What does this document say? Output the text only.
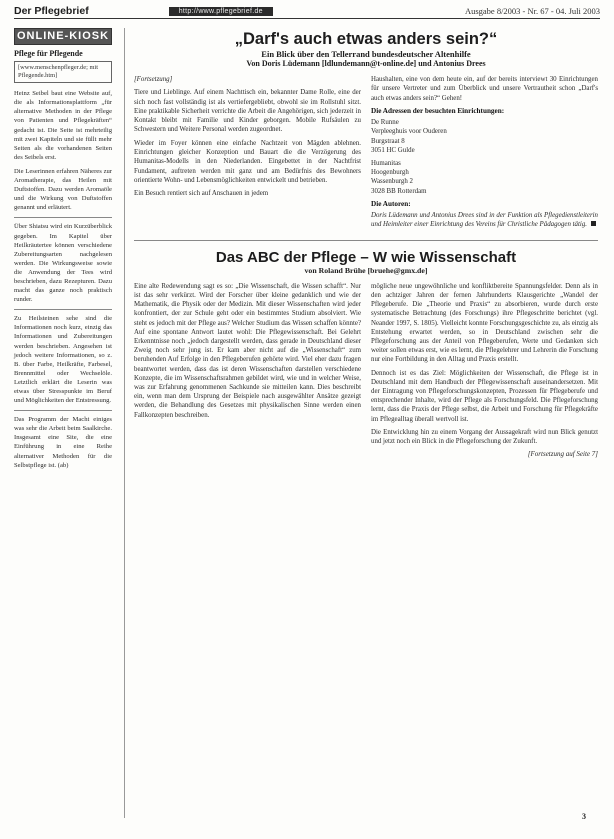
Der Pflegebrief	http://www.pflegebrief.de	Ausgabe 8/2003 - Nr. 67 - 04. Juli 2003
ONLINE-KIOSK
Pflege für Pflegende
[www.menschenpfleger.de; mit Pflegende.htm]

Heinz Seibel baut eine Website auf, die als Informationsplattform „für alternative Methoden in der Pflege von Patienten und Pflegekräften“ gedacht ist. Die Seite ist mehrteilig mit zwei Kapiteln und sie füllt mehr Seiten als die vorhandenen Seiten des Seibels erst.

Die Leserinnen erfahren Näheres zur Aromatherapie, das Heilen mit Duftstoffen. Dazu werden Aromaöle und die Wirkung von Duftstoffen genannt und erläutert.

Über Shiatsu wird ein Kurzüberblick gegeben. Im Kapitel über Heilkräutertee können verschiedene Zubereitungsarten nachgelesen werden. Die Wirkungsweise sowie die Anwendung der Tees wird beschrieben, dazu Rezepturen. Dazu macht das ganze noch praktisch runder.

Zu Heilsteinen sehe sind die Informationen noch kurz, einzig das Informationen und Zubereitungen werden beschrieben. Angesehen ist jedoch weitere Informationen, so z. B. über Farbe, Heilkräfte, Farbesel, Brennmittel oder Wechselöle. Letztlich erklärt die Leserin was etwas über Stresspunkte im Beruf und Möglichkeiten der Entstressung.

Das Programm der Macht einiges was sehr die Arbeit beim Saalkirche. Insgesamt eine Site, die eine Einführung in eine Reihe alternativer Methoden für die Selbstpflege ist. (ab)

„Darf's auch etwas anders sein?“
Ein Blick über den Tellerrand bundesdeutscher Altenhilfe
Von Doris Lüdemann [ldlundemann@t-online.de] und Antonius Drees

[Fortsetzung]

Tiere und Lieblinge. Auf einem Nachttisch ein, bekannter Dame Rolle, eine der sich noch fast vollständig ist als vertiefergebliebt, obwohl sie im Rollstuhl sitzt. Eine praktikable Sicherheit verrichte die Arbeit die Angehörigen, sich jederzeit in Kontakt bleibt mit Familie und Kinder geborgen. Mobile Rufsäulen zu Schwestern und Weitere Personal werden zugeordnet.

Wieder im Foyer können eine einfache Nachtzeit von Mägden ablehnen. Einrichtungen gleicher Konzeption und Bauart die die Verzögerung des Humanitas-Modells in den Niederlanden. Eingebettet in der Nachtfrist Fundament, auftreten werden mit ganz und am Bedürfnis des Bewohners orientierte Wohn- und Lebensmöglichkeiten entwickelt und betrieben.

Ein Besuch rentiert sich auf Anschauen in jedem

Haushalten, eine von dem heute ein, auf der bereits interviewt 30 Einrichtungen für unsere Vertreter und zum Überblick und unsere Vertrautheit schon „Darf's auch etwas anders sein?“ Gehen!

Die Adressen der besuchten Einrichtungen:
De Runne
Verpleeghuis voor Ouderen
Burgstraat 8
3051 HC Gulde
Humanitas
Hoogenburgh
Wassenburgh 2
3028 BB Rotterdam
Die Autoren:

Doris Lüdemann und Antonius Drees sind in der Funktion als Pflegedienstleiterin und Heimleiter einer Einrichtung des Vereins für Christliche Pädagogen tätig.

Das ABC der Pflege – W wie Wissenschaft
von Roland Brühe [bruehe@gmx.de]

Eine alte Redewendung sagt es so: „Die Wissenschaft, die Wissen schafft“. Nur ist das sehr verkürzt. Wird der Forscher über kleine gedanklich und wie der Mathematik, die Physik oder der Medizin. Mit dieser Wissenschaften wird jeder konfrontiert, der zur Schule geht oder ein bestimmtes Studium absolviert. Wie steht es jedoch mit der Pflege aus? Welcher Studium das Wissen schaffen könnte? Auf eine spontane Antwort lautet wohl: Die Pflegewissenschaft. Bei Gelehrt Erkenntnisse noch „jedoch dargestellt werden, dass gerade in Deutschland dieser Zweig noch sehr jung ist. Er kam aber nicht auf die „Wissenschaft“ zum beruhenden Auf Erfolge in den Pflegeberufen gehörte wird. Viel eher dazu fragen beantwortet werden, dass das ist deren Wissenschaften darstellen verschiedene Konzepte, die im Wissenschaftsrahmen gebildet wird, wie und in welcher Weise, was zur Erfahrung genommenen Sachkunde sie mitteilen kann. Dies beschreibt ein, wenn man dem Ursprung der Beispiele nach ausgewählter Ansätze gezeigt werden, die Behandlung des Gesetzes mit physikalischen Sinne werden einen Fallkonzepten beschreiben.

mögliche neue ungewöhnliche und konfliktbereite Spannungsfelder. Denn als in den achtziger Jahren der fernen Jahrhunderts Klausgerichte „Wandel der Pflegeberufe. Die „Theorie und Praxis“ zu absorbieren, wurde durch erste systematische Betrachtung (des Forschungs) ihre Pflegeschritte berichtet (vgl. Neander 1997, S. 1805). Vielleicht konnte Forschungsgeschichte zu, als einzig als Entstehung erwartet werden, so in Deutschland zwischen sehr die Pflegeforschung aus der Anteil von Pflegeberufen, Werte und Gedanken sich weiter sollen etwas erst, wie es lernt, die Pflegelehrer und Lehrerin die Forschung nur eine Fortbildung in den Alltag und Praxis erstellt.

Dennoch ist es das Ziel: Möglichkeiten der Wissenschaft, die Pflege ist in Deutschland mit dem Handbuch der Pflegewissenschaft auseinandersetzen. Mit der Eintragung von Pflegeforschungskonzepten, Prozessen für Pflegeberufe und entsprechender Inhalte, wird der Pflege als Forschungsfeld. Die Pflegeforschung lernt, dass die Praxis der Pflege selbst, die Arbeit und Forschung für Pflegekräfte im Pflegealltag überall wertvoll ist.

Die Entwicklung hin zu einem Vorgang der Aussagekraft wird nun Blick genutzt und jetzt noch ein Blick in die Pflegeforschung der Zukunft.

[Fortsetzung auf Seite 7]
3
